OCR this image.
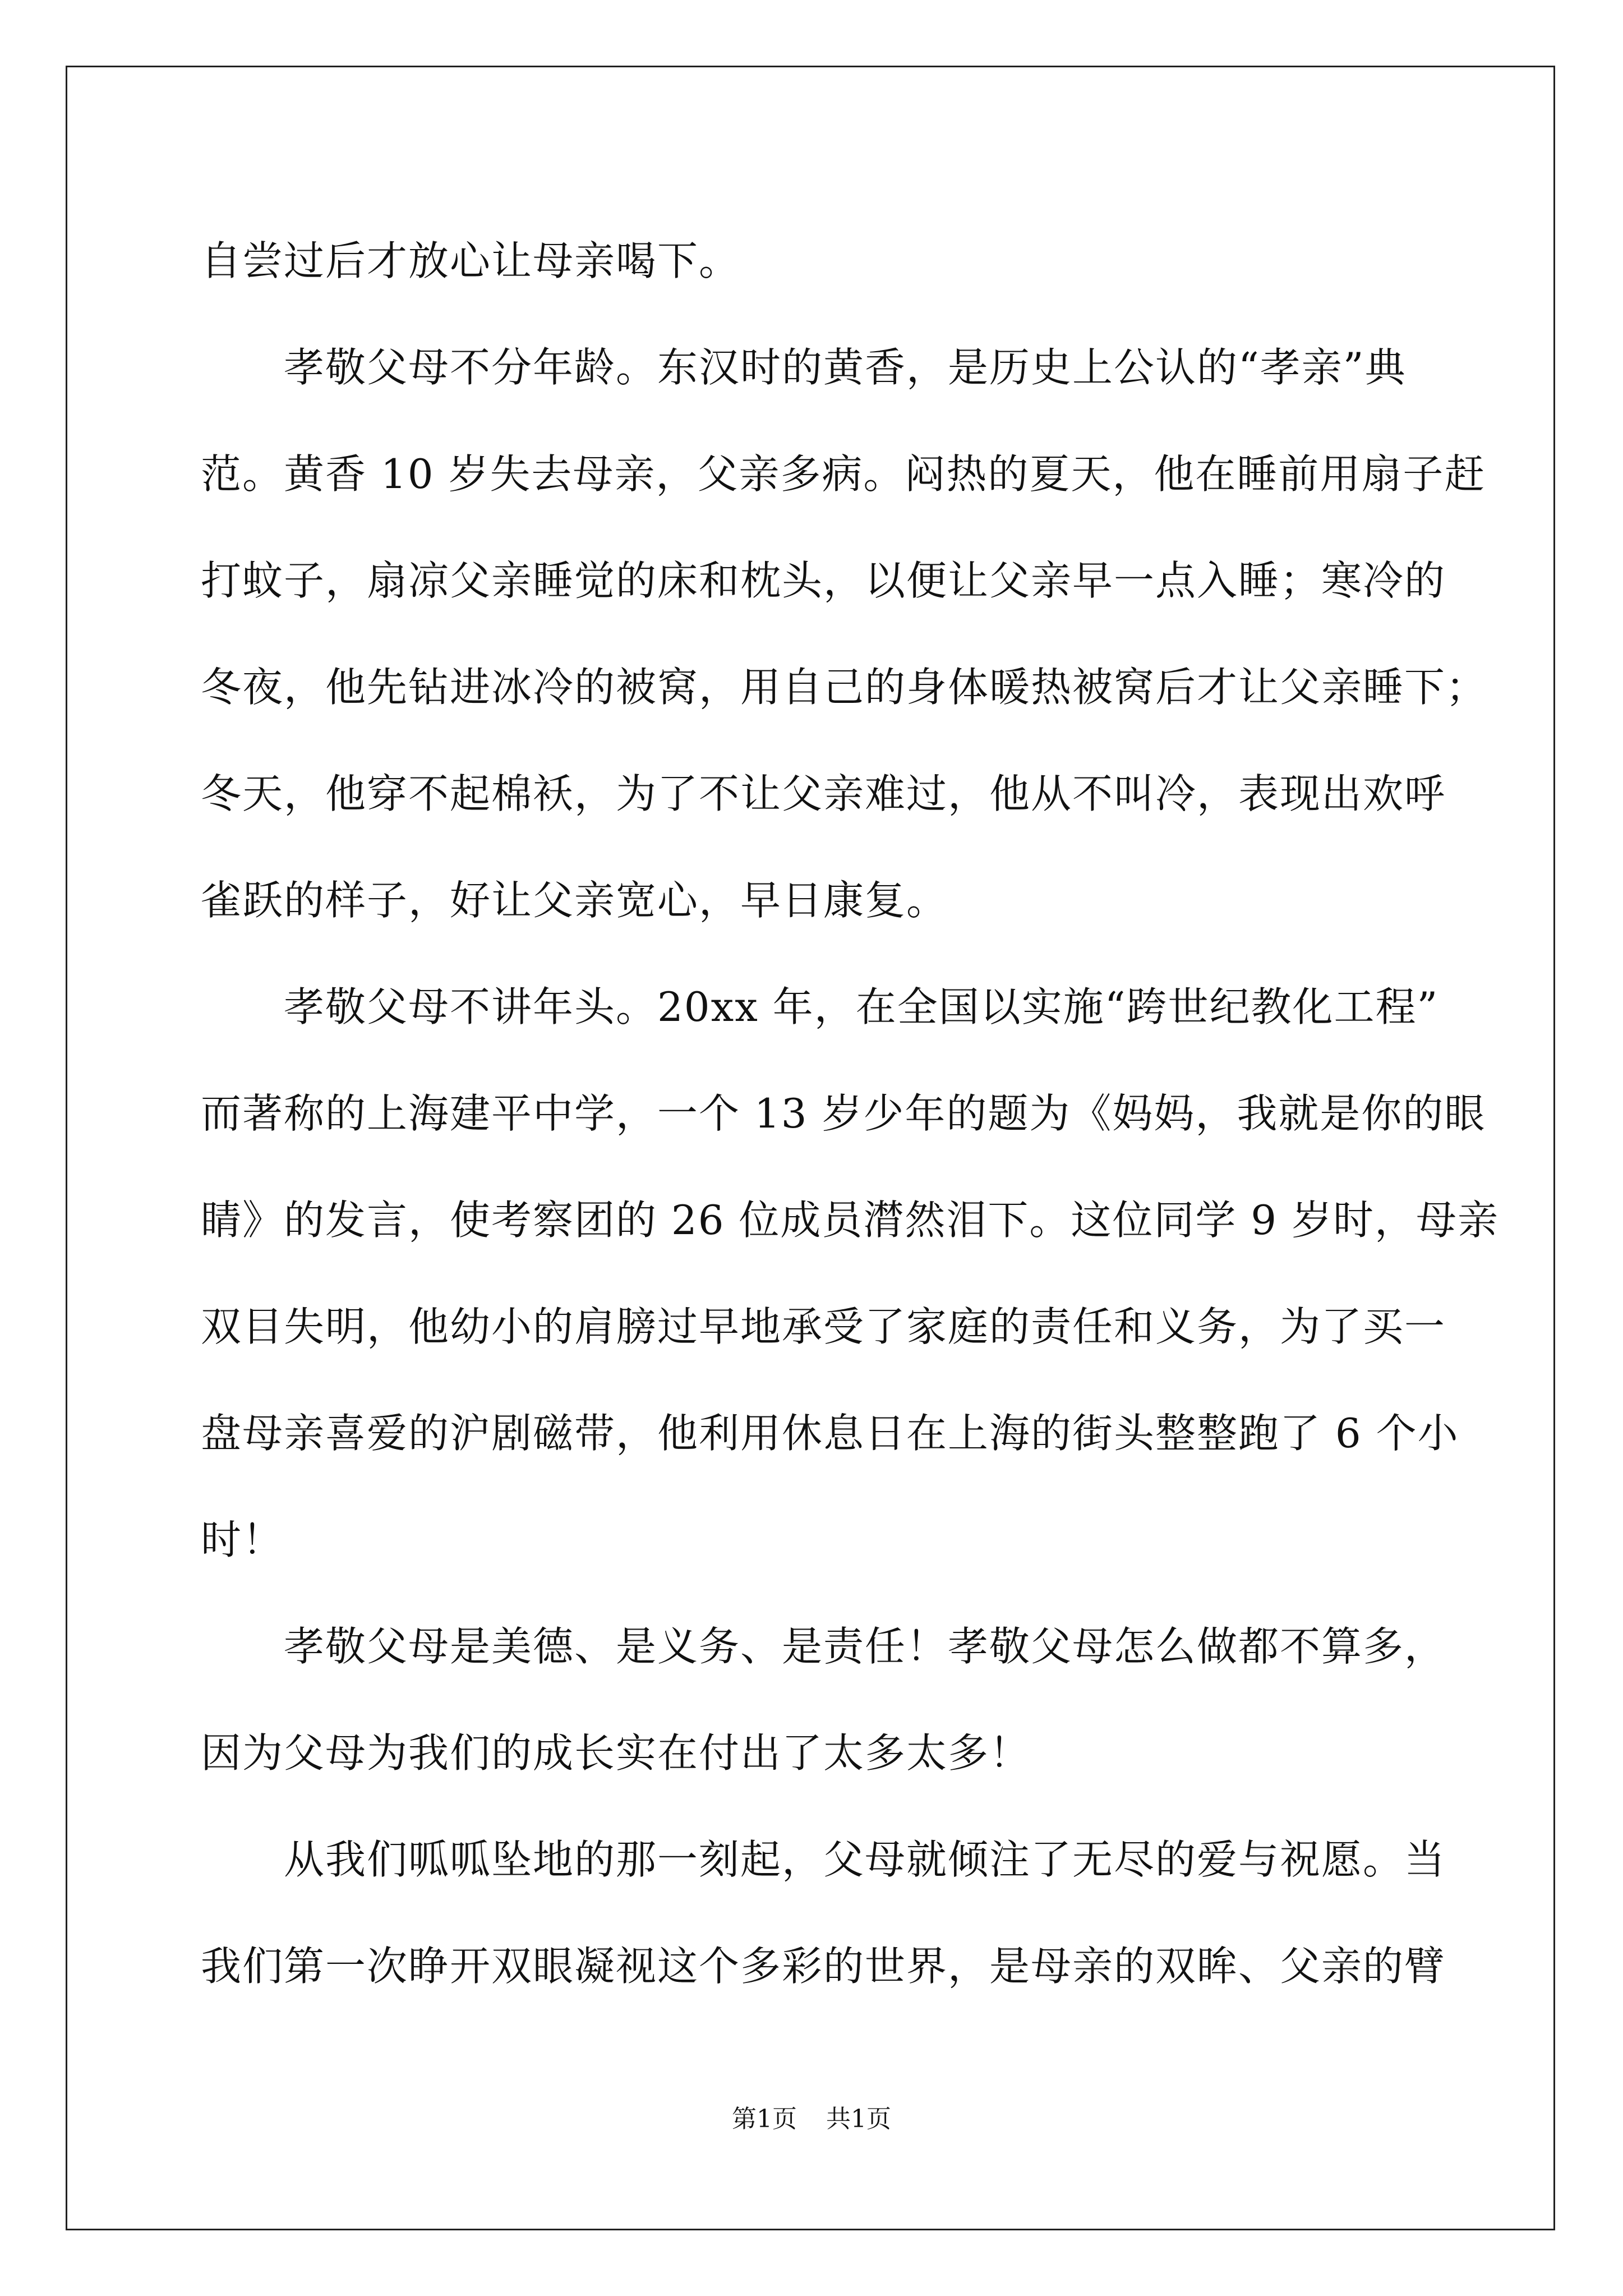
自尝过后才放心让母亲喝下。
孝敬父母不分年龄。东汉时的黄香，是历史上公认的“孝亲”典
范。黄香 10 岁失去母亲，父亲多病。闷热的夏天，他在睡前用扇子赶
打蚊子，扇凉父亲睡觉的床和枕头，以便让父亲早一点入睡；寒冷的
冬夜，他先钻进冰冷的被窝，用自己的身体暖热被窝后才让父亲睡下；
冬天，他穿不起棉袄，为了不让父亲难过，他从不叫冷，表现出欢呼
雀跃的样子，好让父亲宽心，早日康复。
孝敬父母不讲年头。20xx 年，在全国以实施“跨世纪教化工程”
而著称的上海建平中学，一个 13 岁少年的题为《妈妈，我就是你的眼
睛》的发言，使考察团的 26 位成员潸然泪下。这位同学 9 岁时，母亲
双目失明，他幼小的肩膀过早地承受了家庭的责任和义务，为了买一
盘母亲喜爱的沪剧磁带，他利用休息日在上海的街头整整跑了 6 个小
时！
孝敬父母是美德、是义务、是责任！孝敬父母怎么做都不算多，
因为父母为我们的成长实在付出了太多太多！
从我们呱呱坠地的那一刻起，父母就倾注了无尽的爱与祝愿。当
我们第一次睁开双眼凝视这个多彩的世界，是母亲的双眸、父亲的臂
第1页 共1页
